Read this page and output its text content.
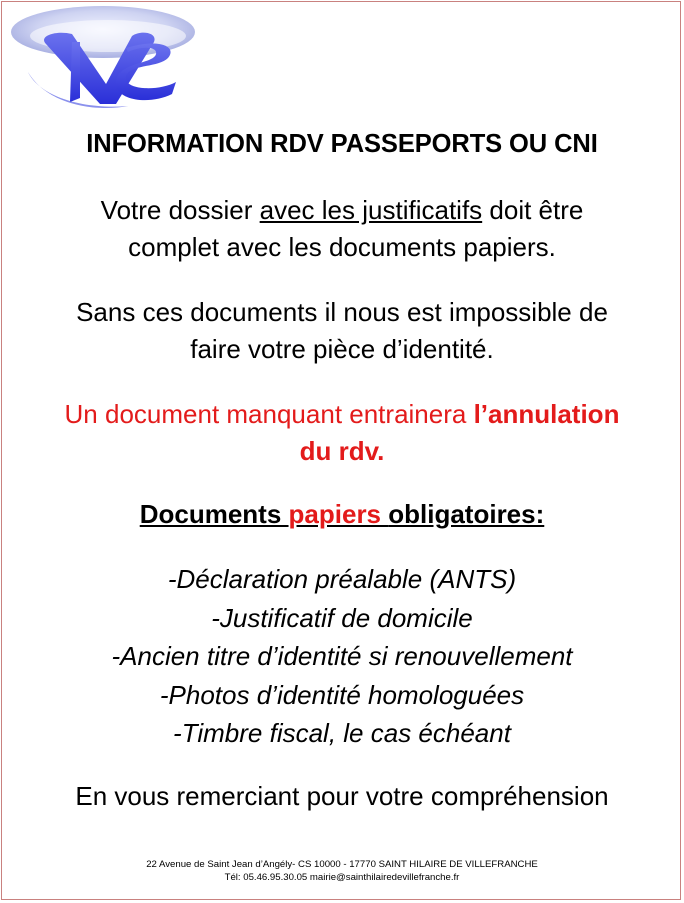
INFORMATION RDV PASSEPORTS OU CNI
Votre dossier avec les justificatifs doit être
complet avec les documents papiers.
Sans ces documents il nous est impossible de
faire votre pièce d’identité.
Un document manquant entrainera l’annulation
du rdv.
Documents papiers obligatoires:
-Déclaration préalable (ANTS)
-Justificatif de domicile
-Ancien titre d’identité si renouvellement
-Photos d’identité homologuées
-Timbre fiscal, le cas échéant
En vous remerciant pour votre compréhension
22 Avenue de Saint Jean d’Angély- CS 10000 - 17770 SAINT HILAIRE DE VILLEFRANCHE
Tél: 05.46.95.30.05 mairie@sainthilairedevillefranche.fr
